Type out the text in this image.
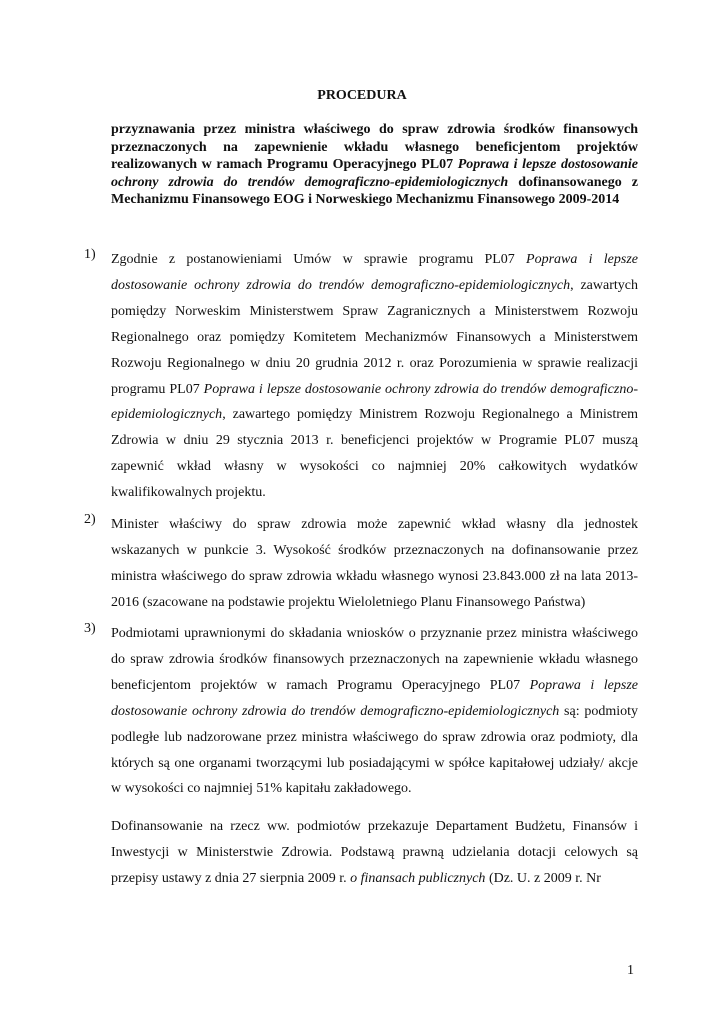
PROCEDURA
przyznawania przez ministra właściwego do spraw zdrowia środków finansowych przeznaczonych na zapewnienie wkładu własnego beneficjentom projektów realizowanych w ramach Programu Operacyjnego PL07 Poprawa i lepsze dostosowanie ochrony zdrowia do trendów demograficzno-epidemiologicznych dofinansowanego z Mechanizmu Finansowego EOG i Norweskiego Mechanizmu Finansowego 2009-2014
1) Zgodnie z postanowieniami Umów w sprawie programu PL07 Poprawa i lepsze dostosowanie ochrony zdrowia do trendów demograficzno-epidemiologicznych, zawartych pomiędzy Norweskim Ministerstwem Spraw Zagranicznych a Ministerstwem Rozwoju Regionalnego oraz pomiędzy Komitetem Mechanizmów Finansowych a Ministerstwem Rozwoju Regionalnego w dniu 20 grudnia 2012 r. oraz Porozumienia w sprawie realizacji programu PL07 Poprawa i lepsze dostosowanie ochrony zdrowia do trendów demograficzno-epidemiologicznych, zawartego pomiędzy Ministrem Rozwoju Regionalnego a Ministrem Zdrowia w dniu 29 stycznia 2013 r. beneficjenci projektów w Programie PL07 muszą zapewnić wkład własny w wysokości co najmniej 20% całkowitych wydatków kwalifikowalnych projektu.

2) Minister właściwy do spraw zdrowia może zapewnić wkład własny dla jednostek wskazanych w punkcie 3. Wysokość środków przeznaczonych na dofinansowanie przez ministra właściwego do spraw zdrowia wkładu własnego wynosi 23.843.000 zł na lata 2013-2016 (szacowane na podstawie projektu Wieloletniego Planu Finansowego Państwa)

3) Podmiotami uprawnionymi do składania wniosków o przyznanie przez ministra właściwego do spraw zdrowia środków finansowych przeznaczonych na zapewnienie wkładu własnego beneficjentom projektów w ramach Programu Operacyjnego PL07 Poprawa i lepsze dostosowanie ochrony zdrowia do trendów demograficzno-epidemiologicznych są: podmioty podległe lub nadzorowane przez ministra właściwego do spraw zdrowia oraz podmioty, dla których są one organami tworzącymi lub posiadającymi w spółce kapitałowej udziały/ akcje w wysokości co najmniej 51% kapitału zakładowego.

Dofinansowanie na rzecz ww. podmiotów przekazuje Departament Budżetu, Finansów i Inwestycji w Ministerstwie Zdrowia. Podstawą prawną udzielania dotacji celowych są przepisy ustawy z dnia 27 sierpnia 2009 r. o finansach publicznych (Dz. U. z 2009 r. Nr

1
